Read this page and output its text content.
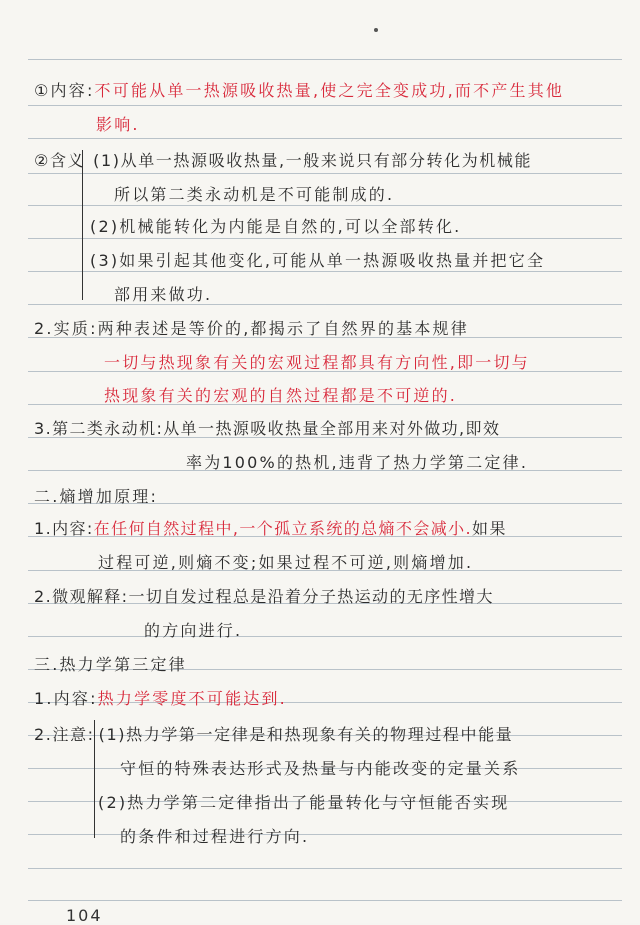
①内容:不可能从单一热源吸收热量,使之完全变成功,而不产生其他
影响.
②含义 (1)从单一热源吸收热量,一般来说只有部分转化为机械能
所以第二类永动机是不可能制成的.
(2)机械能转化为内能是自然的,可以全部转化.
(3)如果引起其他变化,可能从单一热源吸收热量并把它全
部用来做功.
2.实质:两种表述是等价的,都揭示了自然界的基本规律
一切与热现象有关的宏观过程都具有方向性,即一切与
热现象有关的宏观的自然过程都是不可逆的.
3.第二类永动机:从单一热源吸收热量全部用来对外做功,即效
率为100%的热机,违背了热力学第二定律.
二.熵增加原理:
1.内容:在任何自然过程中,一个孤立系统的总熵不会减小.如果
过程可逆,则熵不变;如果过程不可逆,则熵增加.
2.微观解释:一切自发过程总是沿着分子热运动的无序性增大
的方向进行.
三.热力学第三定律
1.内容:热力学零度不可能达到.
2.注意: (1)热力学第一定律是和热现象有关的物理过程中能量
守恒的特殊表达形式及热量与内能改变的定量关系
(2)热力学第二定律指出了能量转化与守恒能否实现
的条件和过程进行方向.
104
